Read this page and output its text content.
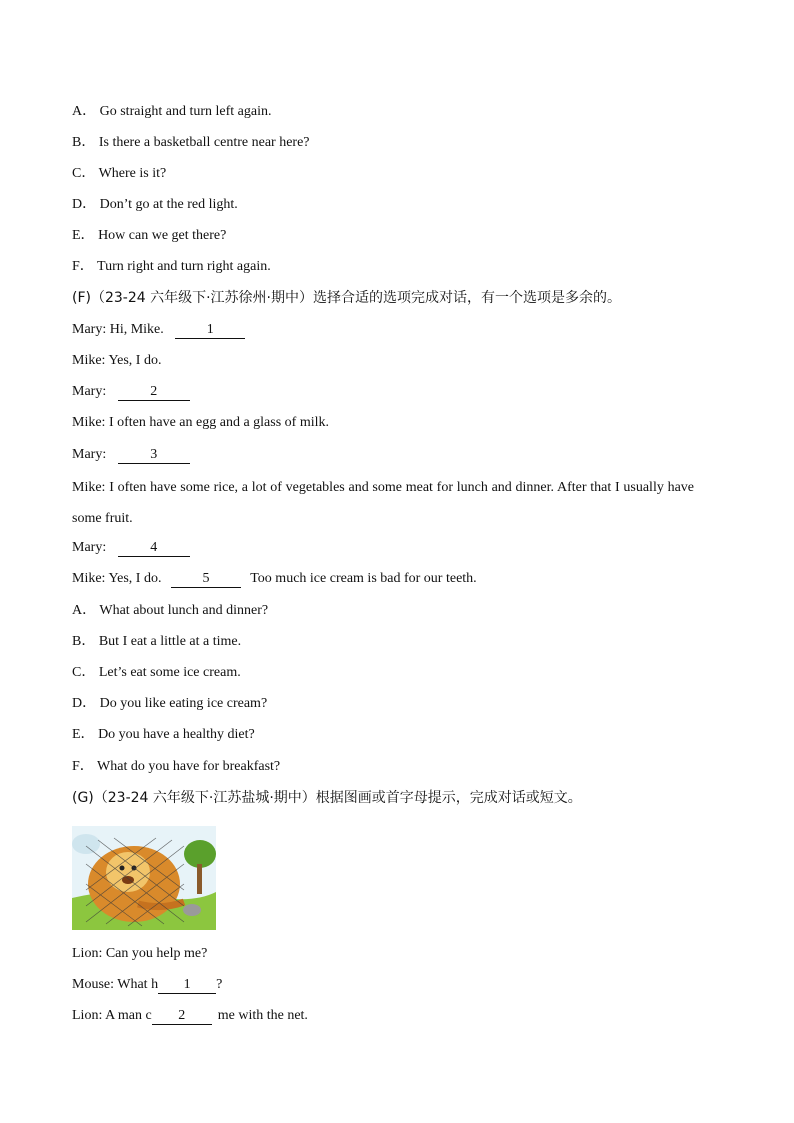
A． Go straight and turn left again.
B． Is there a basketball centre near here?
C． Where is it?
D． Don’t go at the red light.
E． How can we get there?
F． Turn right and turn right again.
(F)（23-24 六年级下·江苏徐州·期中）选择合适的选项完成对话，有一个选项是多余的。
Mary: Hi, Mike.	1
Mike: Yes, I do.
Mary:	2
Mike: I often have an egg and a glass of milk.
Mary:	3
Mike: I often have some rice, a lot of vegetables and some meat for lunch and dinner. After that I usually have some fruit.
Mary:	4
Mike: Yes, I do.	5	Too much ice cream is bad for our teeth.
A． What about lunch and dinner?
B． But I eat a little at a time.
C． Let’s eat some ice cream.
D． Do you like eating ice cream?
E． Do you have a healthy diet?
F． What do you have for breakfast?
(G)（23-24 六年级下·江苏盐城·期中）根据图画或首字母提示，完成对话或短文。
Lion: Can you help me?
Mouse: What h 1 ?
Lion: A man c 2 me with the net.
